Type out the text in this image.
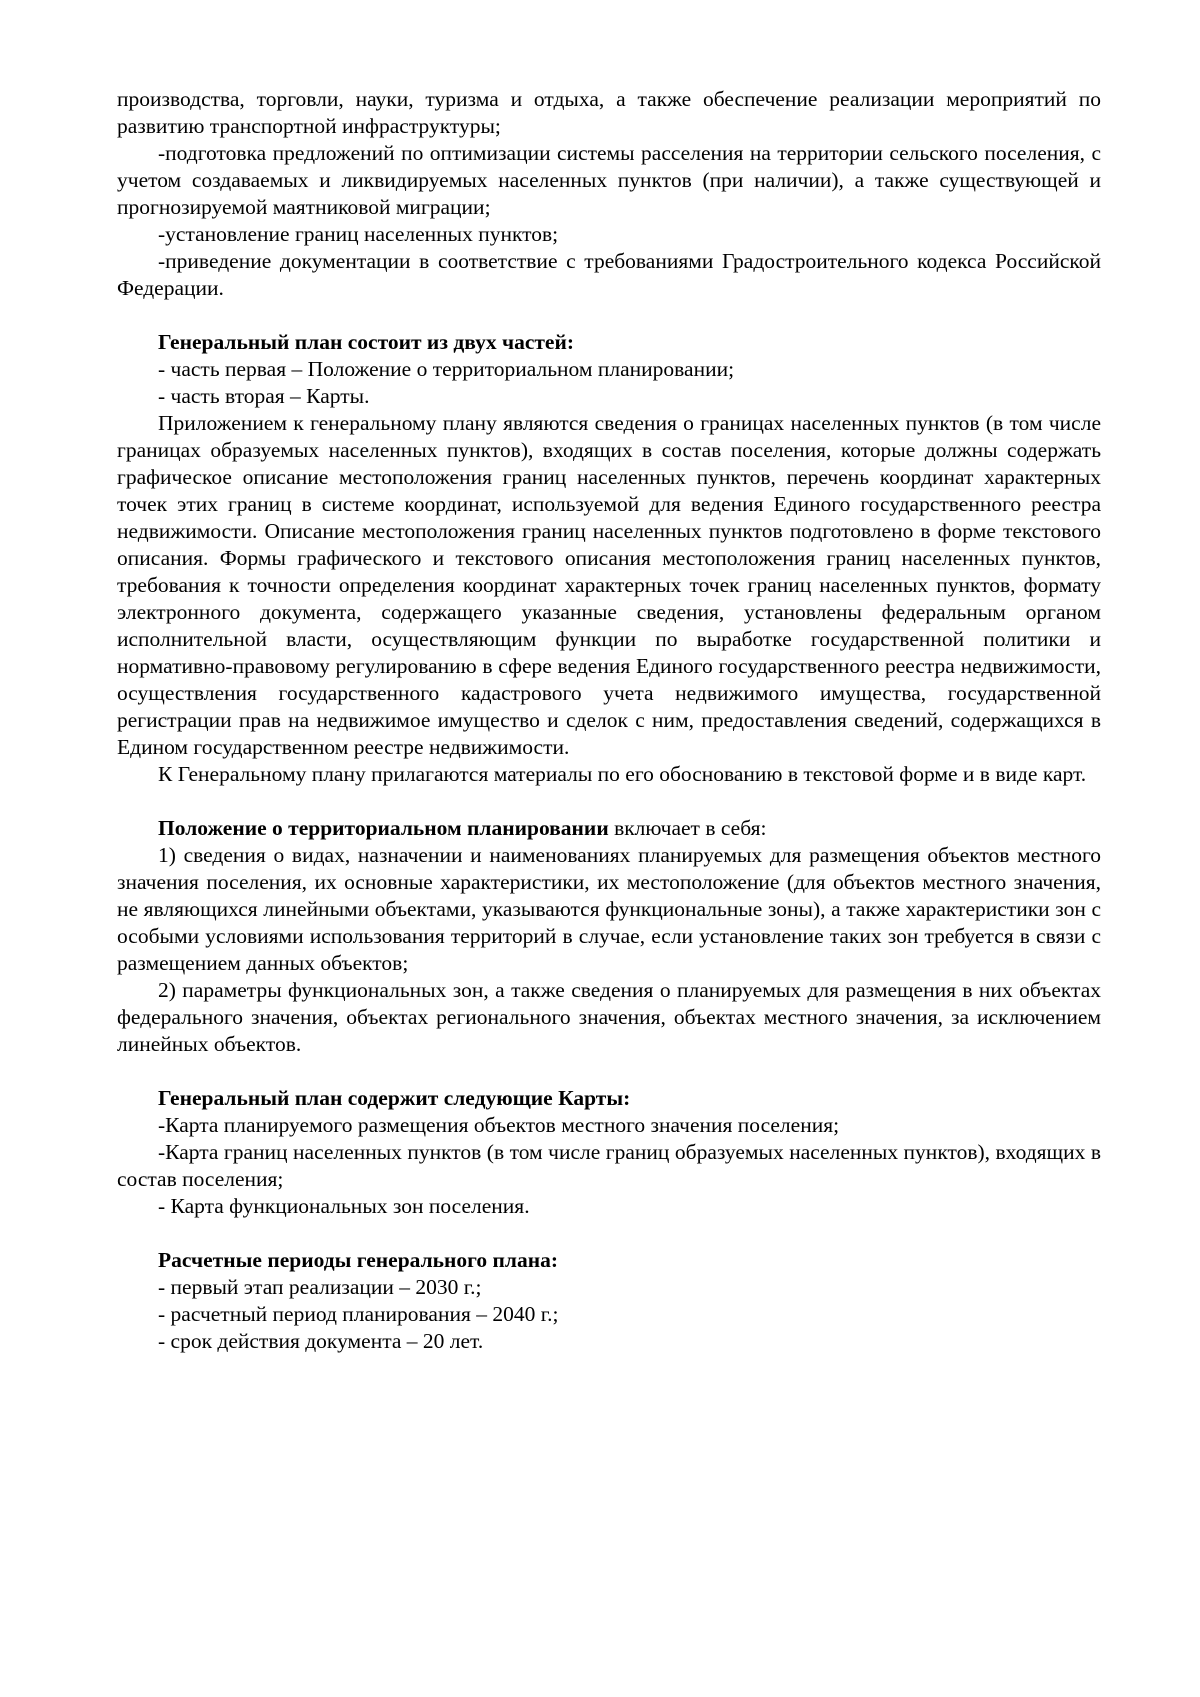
производства, торговли, науки, туризма и отдыха, а также обеспечение реализации мероприятий по развитию транспортной инфраструктуры;

-подготовка предложений по оптимизации системы расселения на территории сельского поселения, с учетом создаваемых и ликвидируемых населенных пунктов (при наличии), а также существующей и прогнозируемой маятниковой миграции;

-установление границ населенных пунктов;

-приведение документации в соответствие с требованиями Градостроительного кодекса Российской Федерации.

Генеральный план состоит из двух частей:

- часть первая – Положение о территориальном планировании;

- часть вторая – Карты.

Приложением к генеральному плану являются сведения о границах населенных пунктов (в том числе границах образуемых населенных пунктов), входящих в состав поселения, которые должны содержать графическое описание местоположения границ населенных пунктов, перечень координат характерных точек этих границ в системе координат, используемой для ведения Единого государственного реестра недвижимости. Описание местоположения границ населенных пунктов подготовлено в форме текстового описания. Формы графического и текстового описания местоположения границ населенных пунктов, требования к точности определения координат характерных точек границ населенных пунктов, формату электронного документа, содержащего указанные сведения, установлены федеральным органом исполнительной власти, осуществляющим функции по выработке государственной политики и нормативно-правовому регулированию в сфере ведения Единого государственного реестра недвижимости, осуществления государственного кадастрового учета недвижимого имущества, государственной регистрации прав на недвижимое имущество и сделок с ним, предоставления сведений, содержащихся в Едином государственном реестре недвижимости.

К Генеральному плану прилагаются материалы по его обоснованию в текстовой форме и в виде карт.

Положение о территориальном планировании включает в себя:

1) сведения о видах, назначении и наименованиях планируемых для размещения объектов местного значения поселения, их основные характеристики, их местоположение (для объектов местного значения, не являющихся линейными объектами, указываются функциональные зоны), а также характеристики зон с особыми условиями использования территорий в случае, если установление таких зон требуется в связи с размещением данных объектов;

2) параметры функциональных зон, а также сведения о планируемых для размещения в них объектах федерального значения, объектах регионального значения, объектах местного значения, за исключением линейных объектов.

Генеральный план содержит следующие Карты:

-Карта планируемого размещения объектов местного значения поселения;

-Карта границ населенных пунктов (в том числе границ образуемых населенных пунктов), входящих в состав поселения;

- Карта функциональных зон поселения.

Расчетные периоды генерального плана:

- первый этап реализации – 2030 г.;

- расчетный период планирования – 2040 г.;

- срок действия документа – 20 лет.
